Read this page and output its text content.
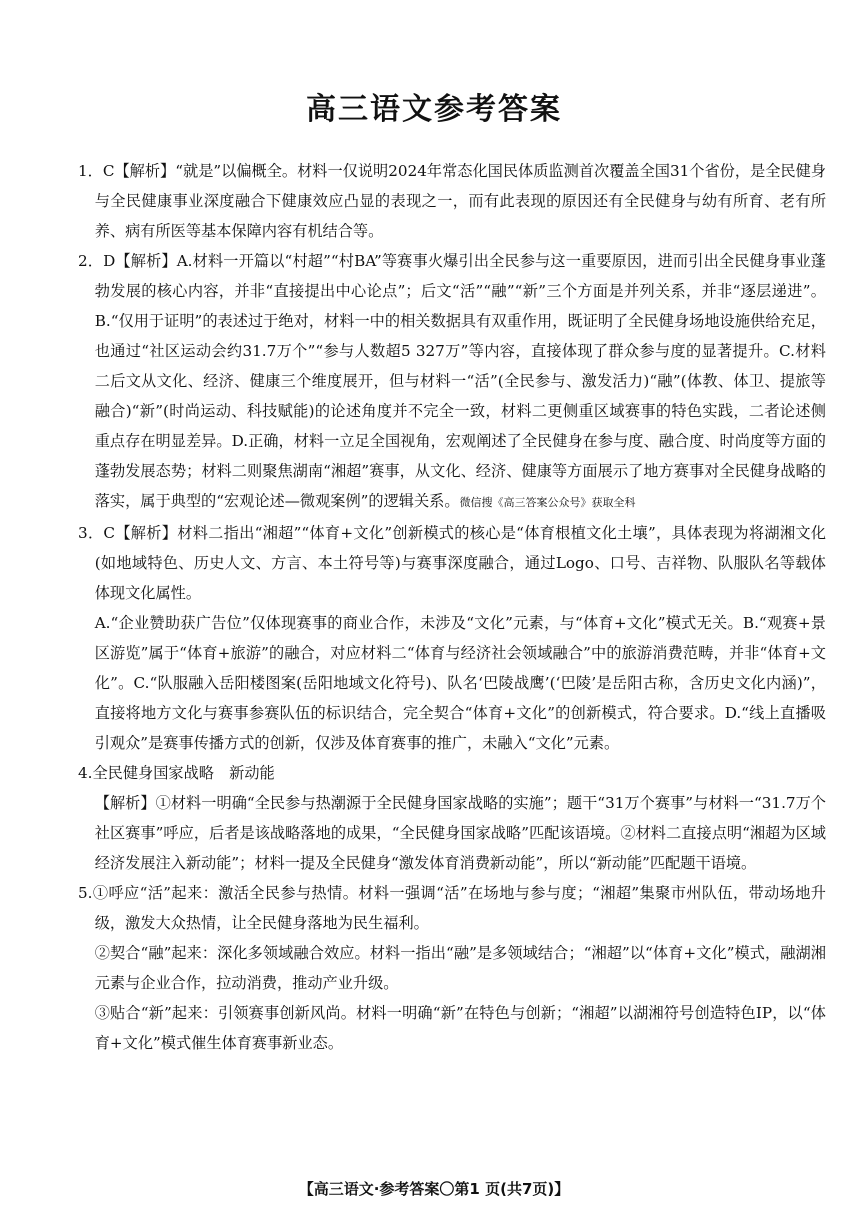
高三语文参考答案

1．C【解析】“就是”以偏概全。材料一仅说明2024年常态化国民体质监测首次覆盖全国31个省份，是全民健身与全民健康事业深度融合下健康效应凸显的表现之一，而有此表现的原因还有全民健身与幼有所育、老有所养、病有所医等基本保障内容有机结合等。

2．D【解析】A.材料一开篇以“村超”“村BA”等赛事火爆引出全民参与这一重要原因，进而引出全民健身事业蓬勃发展的核心内容，并非“直接提出中心论点”；后文“活”“融”“新”三个方面是并列关系，并非“逐层递进”。B.“仅用于证明”的表述过于绝对，材料一中的相关数据具有双重作用，既证明了全民健身场地设施供给充足，也通过“社区运动会约31.7万个”“参与人数超5 327万”等内容，直接体现了群众参与度的显著提升。C.材料二后文从文化、经济、健康三个维度展开，但与材料一“活”(全民参与、激发活力)“融”(体教、体卫、提旅等融合)“新”(时尚运动、科技赋能)的论述角度并不完全一致，材料二更侧重区域赛事的特色实践，二者论述侧重点存在明显差异。D.正确，材料一立足全国视角，宏观阐述了全民健身在参与度、融合度、时尚度等方面的蓬勃发展态势；材料二则聚焦湖南“湘超”赛事，从文化、经济、健康等方面展示了地方赛事对全民健身战略的落实，属于典型的“宏观论述—微观案例”的逻辑关系。微信搜《高三答案公众号》获取全科

3．C【解析】材料二指出“湘超”“体育+文化”创新模式的核心是“体育根植文化土壤”，具体表现为将湖湘文化(如地域特色、历史人文、方言、本土符号等)与赛事深度融合，通过Logo、口号、吉祥物、队服队名等载体体现文化属性。

A.“企业赞助获广告位”仅体现赛事的商业合作，未涉及“文化”元素，与“体育+文化”模式无关。B.“观赛+景区游览”属于“体育+旅游”的融合，对应材料二“体育与经济社会领域融合”中的旅游消费范畴，并非“体育+文化”。C.“队服融入岳阳楼图案(岳阳地域文化符号)、队名‘巴陵战鹰’(‘巴陵’是岳阳古称，含历史文化内涵)”，直接将地方文化与赛事参赛队伍的标识结合，完全契合“体育+文化”的创新模式，符合要求。D.“线上直播吸引观众”是赛事传播方式的创新，仅涉及体育赛事的推广，未融入“文化”元素。

4.全民健身国家战略　新动能

【解析】①材料一明确“全民参与热潮源于全民健身国家战略的实施”；题干“31万个赛事”与材料一“31.7万个社区赛事”呼应，后者是该战略落地的成果，“全民健身国家战略”匹配该语境。②材料二直接点明“湘超为区域经济发展注入新动能”；材料一提及全民健身“激发体育消费新动能”，所以“新动能”匹配题干语境。

5.①呼应“活”起来：激活全民参与热情。材料一强调“活”在场地与参与度；“湘超”集聚市州队伍，带动场地升级，激发大众热情，让全民健身落地为民生福利。

②契合“融”起来：深化多领域融合效应。材料一指出“融”是多领域结合；“湘超”以“体育+文化”模式，融湖湘元素与企业合作，拉动消费，推动产业升级。

③贴合“新”起来：引领赛事创新风尚。材料一明确“新”在特色与创新；“湘超”以湖湘符号创造特色IP，以“体育+文化”模式催生体育赛事新业态。

【高三语文·参考答案〇第1 页(共7页)】
